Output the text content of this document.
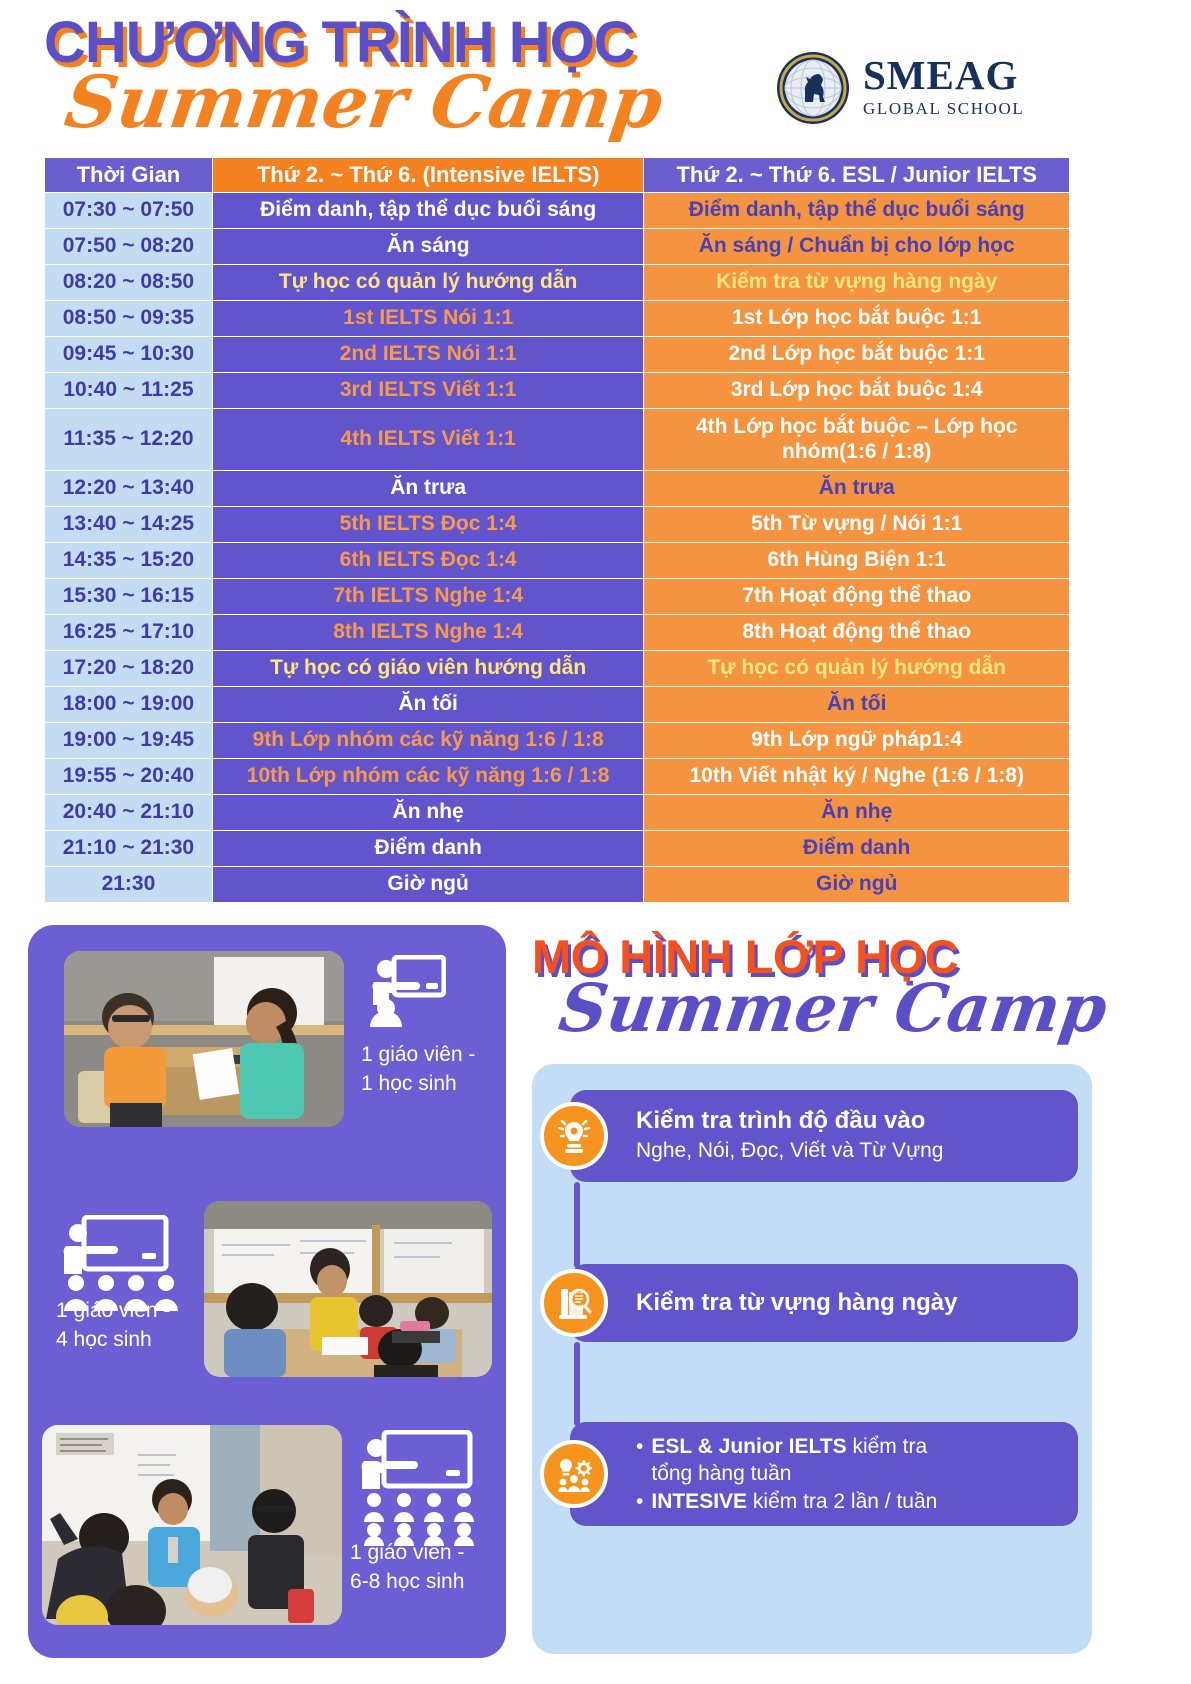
CHƯƠNG TRÌNH HỌC
Summer Camp	SMEAG
GLOBAL SCHOOL
Thời Gian	Thứ 2. ~ Thứ 6. (Intensive IELTS)	Thứ 2. ~ Thứ 6. ESL / Junior IELTS
07:30 ~ 07:50	Điểm danh, tập thể dục buổi sáng	Điểm danh, tập thể dục buổi sáng
07:50 ~ 08:20	Ăn sáng	Ăn sáng / Chuẩn bị cho lớp học
08:20 ~ 08:50	Tự học có quản lý hướng dẫn	Kiểm tra từ vựng hàng ngày
08:50 ~ 09:35	1st IELTS Nói 1:1	1st Lớp học bắt buộc 1:1
09:45 ~ 10:30	2nd IELTS Nói 1:1	2nd Lớp học bắt buộc 1:1
10:40 ~ 11:25	3rd IELTS Viết 1:1	3rd Lớp học bắt buộc 1:4
11:35 ~ 12:20	4th IELTS Viết 1:1	4th Lớp học bắt buộc – Lớp học nhóm(1:6 / 1:8)
12:20 ~ 13:40	Ăn trưa	Ăn trưa
13:40 ~ 14:25	5th IELTS Đọc 1:4	5th Từ vựng / Nói 1:1
14:35 ~ 15:20	6th IELTS Đọc 1:4	6th Hùng Biện 1:1
15:30 ~ 16:15	7th IELTS Nghe 1:4	7th Hoạt động thể thao
16:25 ~ 17:10	8th IELTS Nghe 1:4	8th Hoạt động thể thao
17:20 ~ 18:20	Tự học có giáo viên hướng dẫn	Tự học có quản lý hướng dẫn
18:00 ~ 19:00	Ăn tối	Ăn tối
19:00 ~ 19:45	9th Lớp nhóm các kỹ năng 1:6 / 1:8	9th Lớp ngữ pháp1:4
19:55 ~ 20:40	10th Lớp nhóm các kỹ năng 1:6 / 1:8	10th Viết nhật ký / Nghe (1:6 / 1:8)
20:40 ~ 21:10	Ăn nhẹ	Ăn nhẹ
21:10 ~ 21:30	Điểm danh	Điểm danh
21:30	Giờ ngủ	Giờ ngủ
1 giáo viên -
1 học sinh
1 giáo viên -
4 học sinh
1 giáo viên -
6-8 học sinh
MÔ HÌNH LỚP HỌC
Summer Camp
Kiểm tra trình độ đầu vào
Nghe, Nói, Đọc, Viết và Từ Vựng
Kiểm tra từ vựng hàng ngày
• ESL & Junior IELTS kiểm tra
tổng hàng tuần
• INTESIVE kiểm tra 2 lần / tuần
